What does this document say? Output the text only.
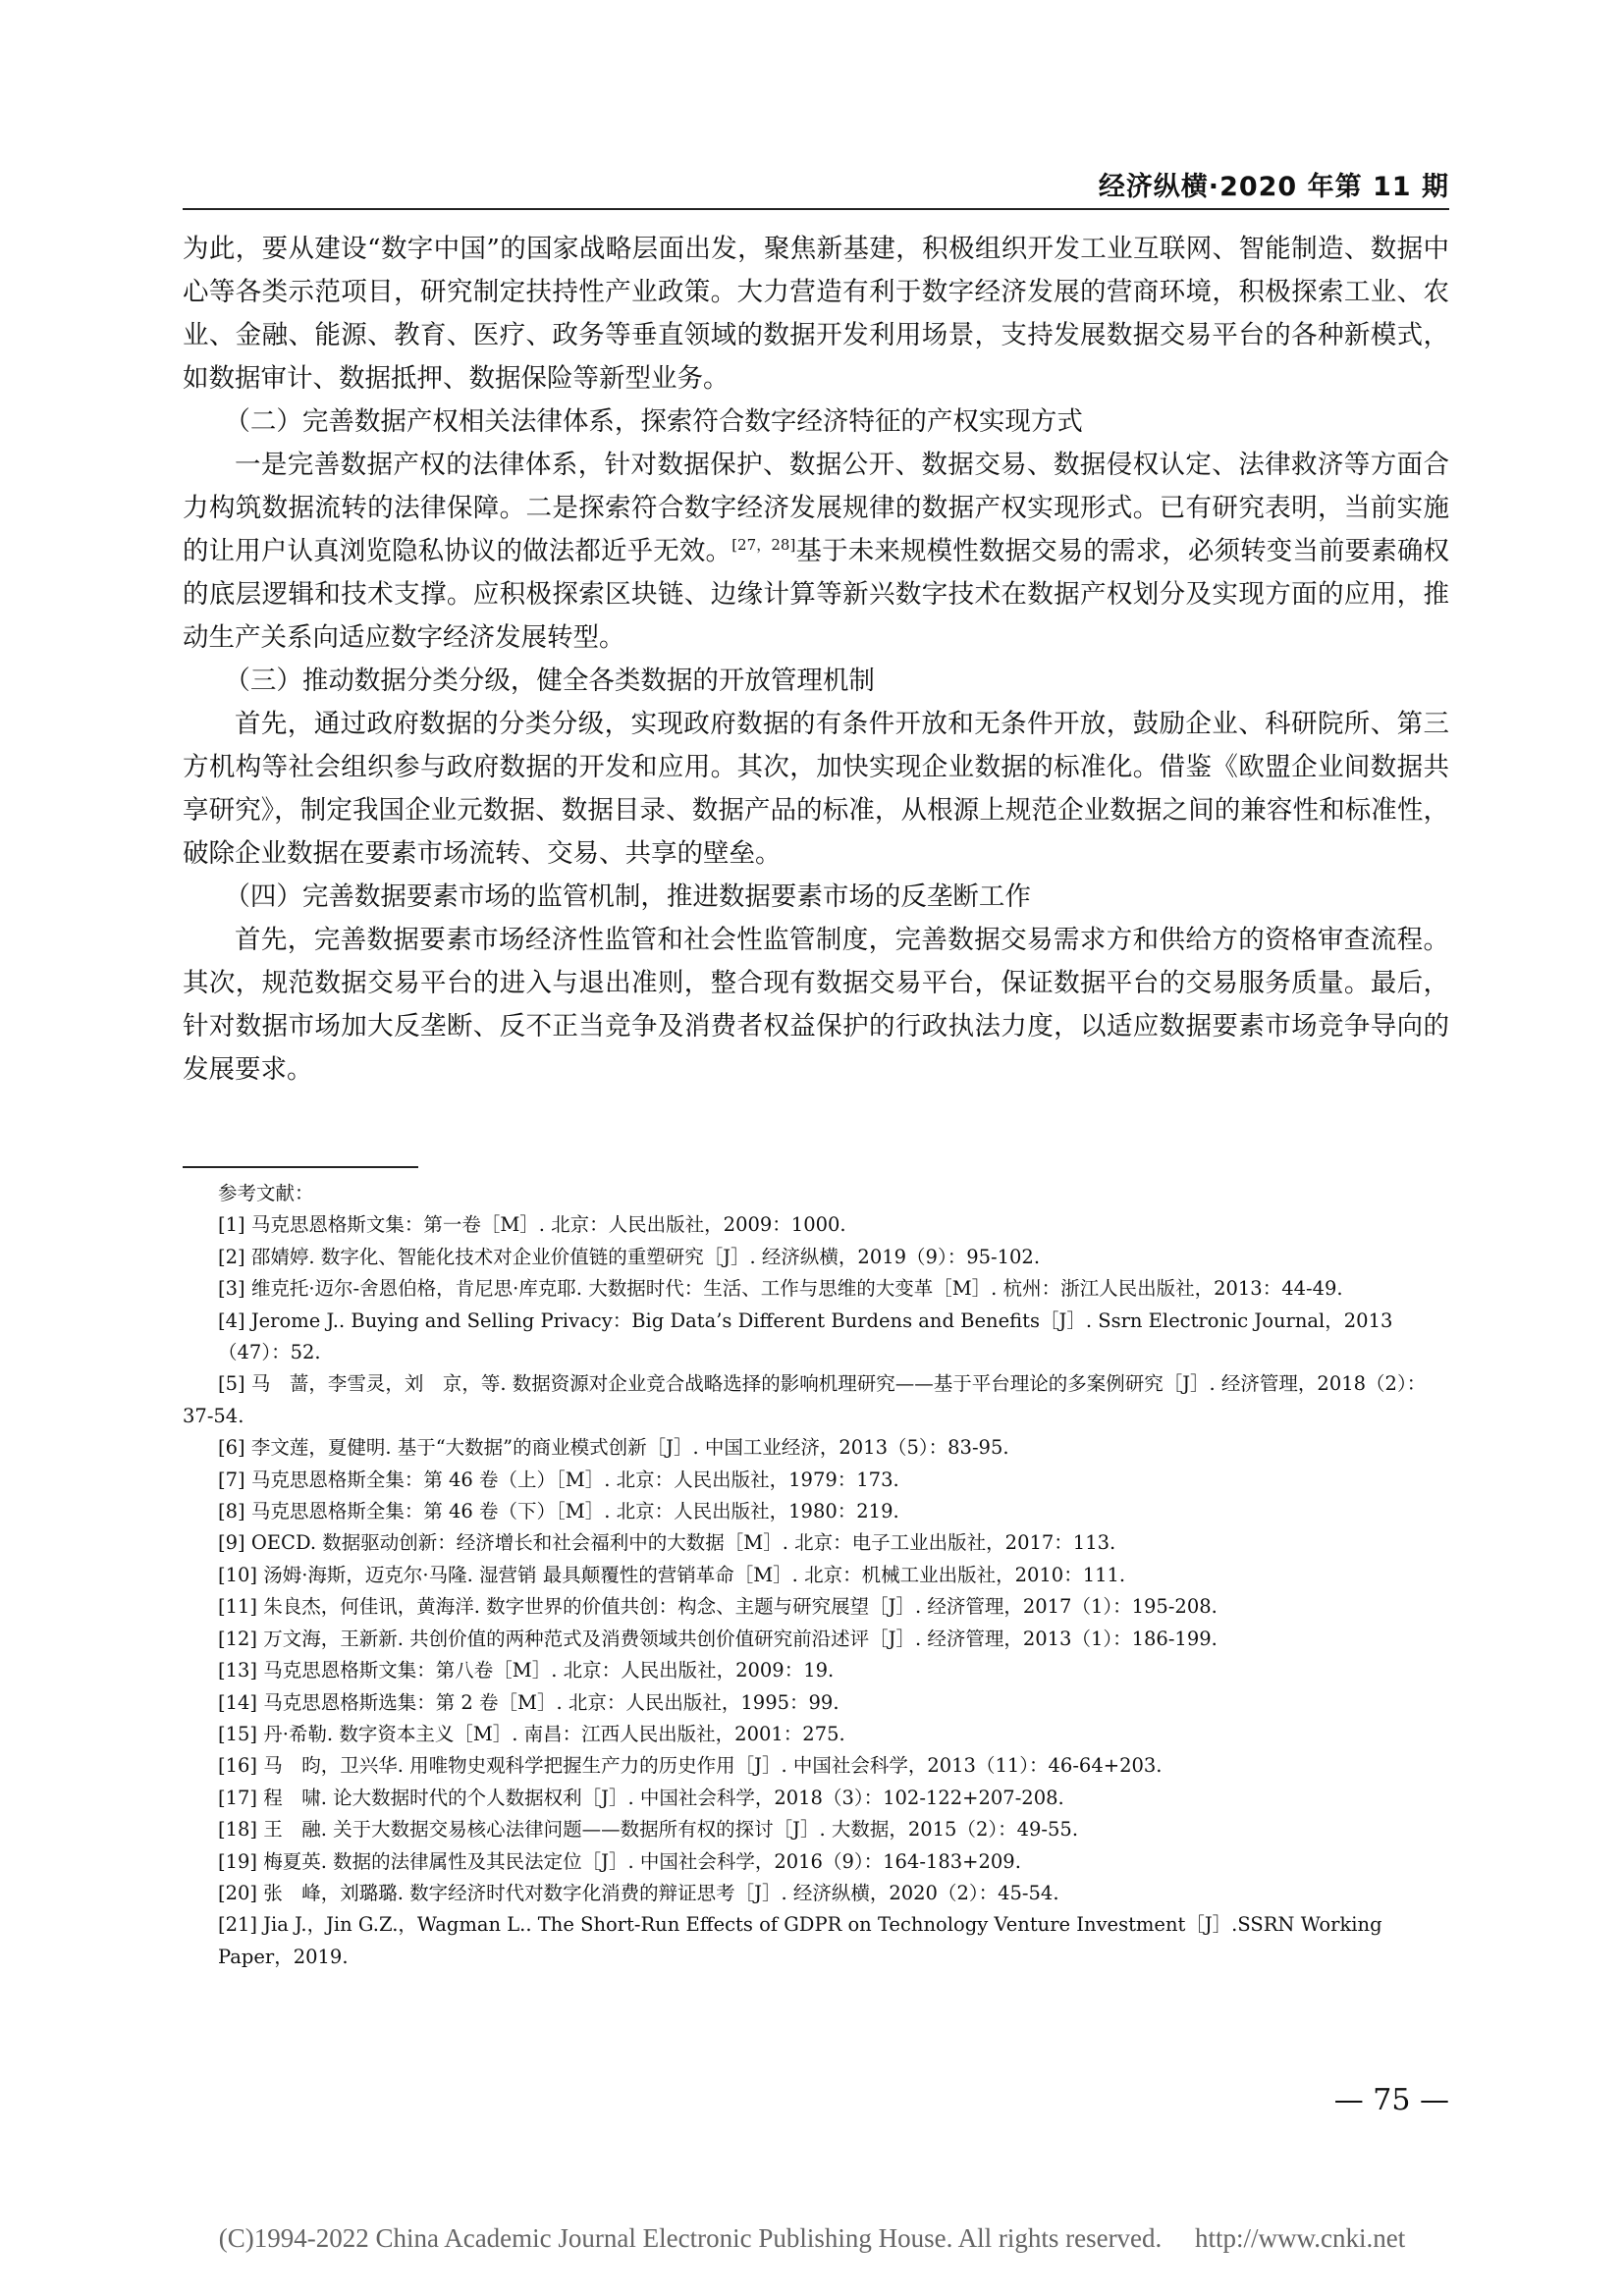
经济纵横·2020 年第 11 期

为此，要从建设“数字中国”的国家战略层面出发，聚焦新基建，积极组织开发工业互联网、智能制造、数据中心等各类示范项目，研究制定扶持性产业政策。大力营造有利于数字经济发展的营商环境，积极探索工业、农业、金融、能源、教育、医疗、政务等垂直领域的数据开发利用场景，支持发展数据交易平台的各种新模式，如数据审计、数据抵押、数据保险等新型业务。

（二）完善数据产权相关法律体系，探索符合数字经济特征的产权实现方式

一是完善数据产权的法律体系，针对数据保护、数据公开、数据交易、数据侵权认定、法律救济等方面合力构筑数据流转的法律保障。二是探索符合数字经济发展规律的数据产权实现形式。已有研究表明，当前实施的让用户认真浏览隐私协议的做法都近乎无效。[27，28]基于未来规模性数据交易的需求，必须转变当前要素确权的底层逻辑和技术支撑。应积极探索区块链、边缘计算等新兴数字技术在数据产权划分及实现方面的应用，推动生产关系向适应数字经济发展转型。

（三）推动数据分类分级，健全各类数据的开放管理机制

首先，通过政府数据的分类分级，实现政府数据的有条件开放和无条件开放，鼓励企业、科研院所、第三方机构等社会组织参与政府数据的开发和应用。其次，加快实现企业数据的标准化。借鉴《欧盟企业间数据共享研究》，制定我国企业元数据、数据目录、数据产品的标准，从根源上规范企业数据之间的兼容性和标准性，破除企业数据在要素市场流转、交易、共享的壁垒。

（四）完善数据要素市场的监管机制，推进数据要素市场的反垄断工作

首先，完善数据要素市场经济性监管和社会性监管制度，完善数据交易需求方和供给方的资格审查流程。其次，规范数据交易平台的进入与退出准则，整合现有数据交易平台，保证数据平台的交易服务质量。最后，针对数据市场加大反垄断、反不正当竞争及消费者权益保护的行政执法力度，以适应数据要素市场竞争导向的发展要求。

参考文献：
[1] 马克思恩格斯文集：第一卷［M］. 北京：人民出版社，2009：1000.
[2] 邵婧婷. 数字化、智能化技术对企业价值链的重塑研究［J］. 经济纵横，2019（9）：95-102.
[3] 维克托·迈尔-舍恩伯格，肯尼思·库克耶. 大数据时代：生活、工作与思维的大变革［M］. 杭州：浙江人民出版社，2013：44-49.
[4] Jerome J.. Buying and Selling Privacy：Big Data’s Different Burdens and Benefits［J］. Ssrn Electronic Journal，2013（47）：52.
[5] 马　蔷，李雪灵，刘　京，等. 数据资源对企业竞合战略选择的影响机理研究——基于平台理论的多案例研究［J］. 经济管理，2018（2）：37-54.
[6] 李文莲，夏健明. 基于“大数据”的商业模式创新［J］. 中国工业经济，2013（5）：83-95.
[7] 马克思恩格斯全集：第 46 卷（上）［M］. 北京：人民出版社，1979：173.
[8] 马克思恩格斯全集：第 46 卷（下）［M］. 北京：人民出版社，1980：219.
[9] OECD. 数据驱动创新：经济增长和社会福利中的大数据［M］. 北京：电子工业出版社，2017：113.
[10] 汤姆·海斯，迈克尔·马隆. 湿营销 最具颠覆性的营销革命［M］. 北京：机械工业出版社，2010：111.
[11] 朱良杰，何佳讯，黄海洋. 数字世界的价值共创：构念、主题与研究展望［J］. 经济管理，2017（1）：195-208.
[12] 万文海，王新新. 共创价值的两种范式及消费领域共创价值研究前沿述评［J］. 经济管理，2013（1）：186-199.
[13] 马克思恩格斯文集：第八卷［M］. 北京：人民出版社，2009：19.
[14] 马克思恩格斯选集：第 2 卷［M］. 北京：人民出版社，1995：99.
[15] 丹·希勒. 数字资本主义［M］. 南昌：江西人民出版社，2001：275.
[16] 马　昀，卫兴华. 用唯物史观科学把握生产力的历史作用［J］. 中国社会科学，2013（11）：46-64+203.
[17] 程　啸. 论大数据时代的个人数据权利［J］. 中国社会科学，2018（3）：102-122+207-208.
[18] 王　融. 关于大数据交易核心法律问题——数据所有权的探讨［J］. 大数据，2015（2）：49-55.
[19] 梅夏英. 数据的法律属性及其民法定位［J］. 中国社会科学，2016（9）：164-183+209.
[20] 张　峰，刘璐璐. 数字经济时代对数字化消费的辩证思考［J］. 经济纵横，2020（2）：45-54.
[21] Jia J.，Jin G.Z.，Wagman L.. The Short-Run Effects of GDPR on Technology Venture Investment［J］.SSRN Working Paper，2019.
— 75 —
(C)1994-2022 China Academic Journal Electronic Publishing House. All rights reserved.　 http://www.cnki.net
